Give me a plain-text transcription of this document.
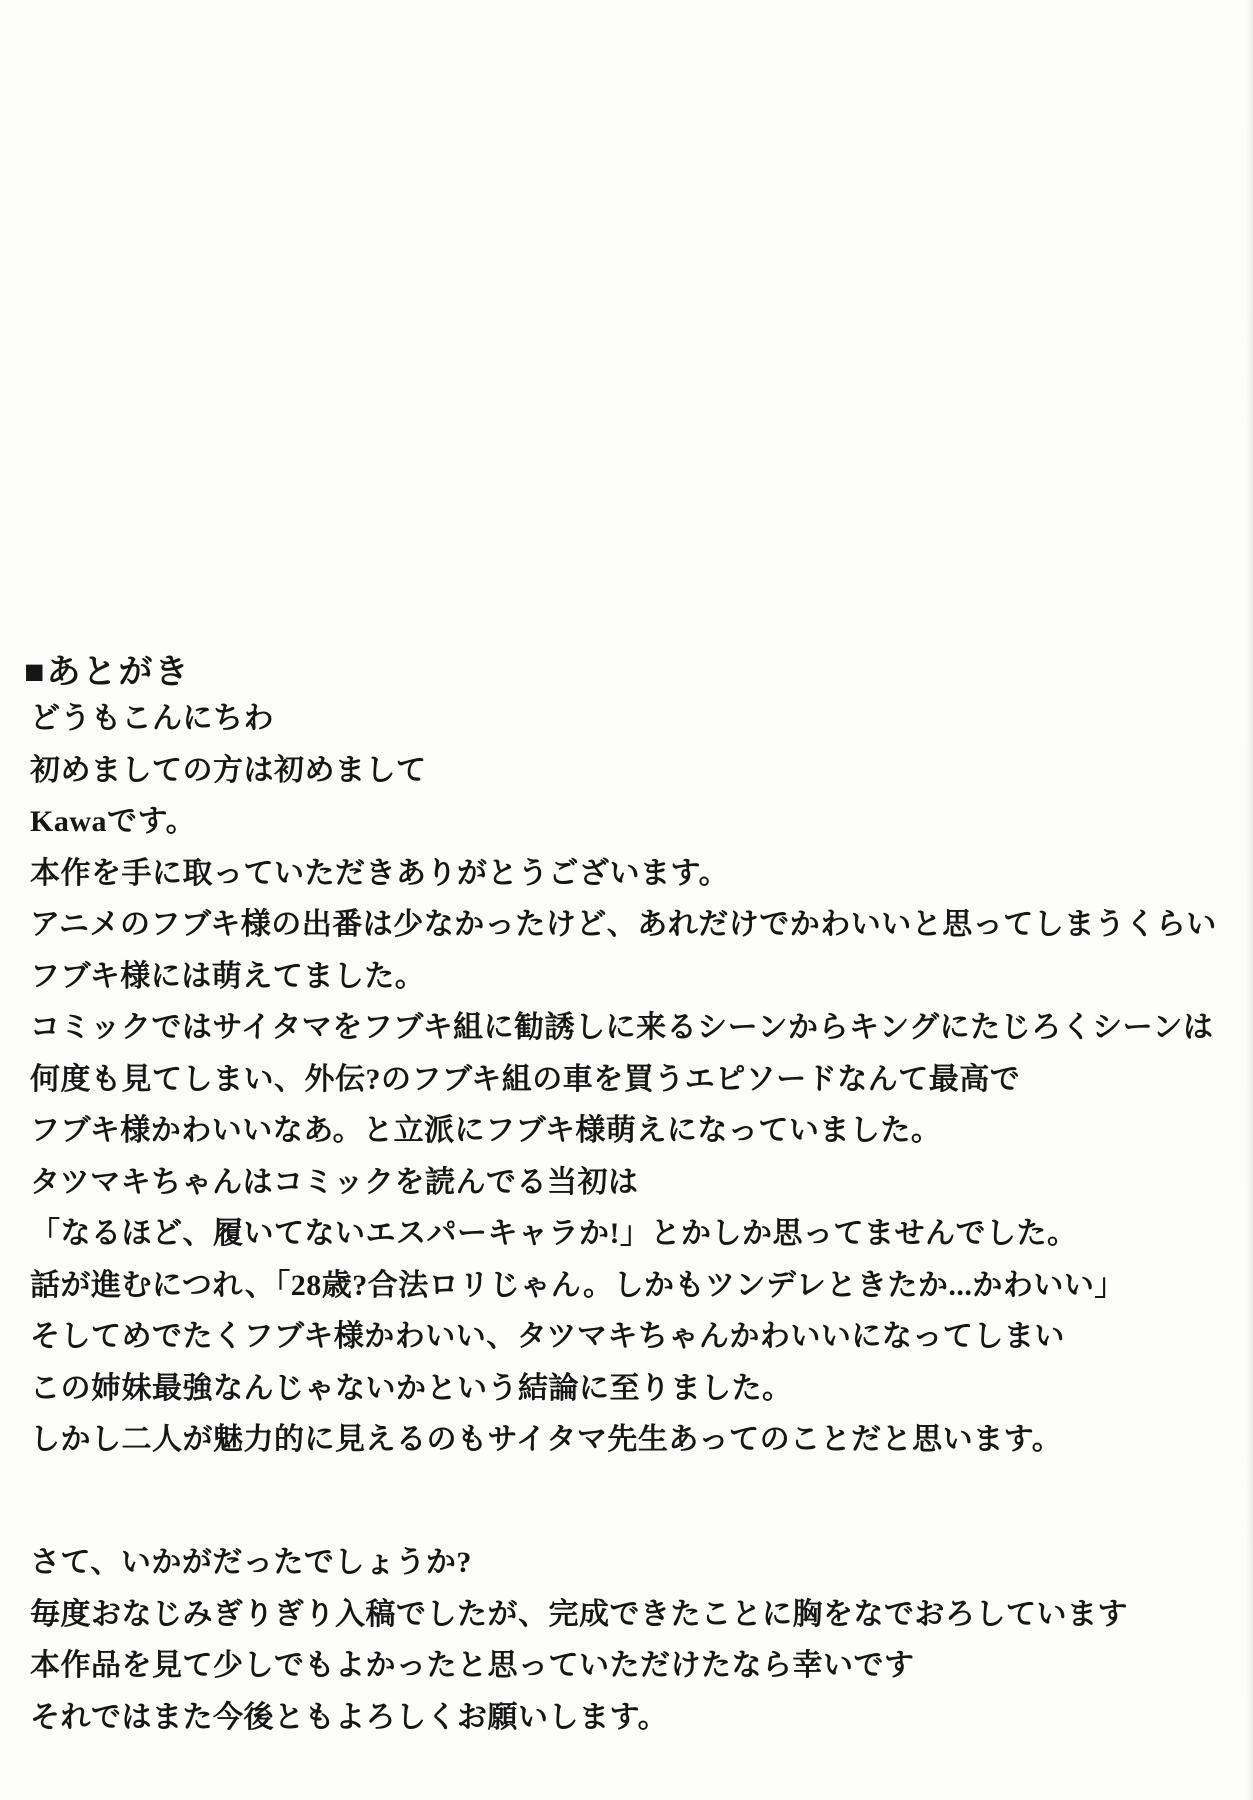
■あとがき
どうもこんにちわ
初めましての方は初めまして
Kawaです。
本作を手に取っていただきありがとうございます。
アニメのフブキ様の出番は少なかったけど、あれだけでかわいいと思ってしまうくらい
フブキ様には萌えてました。
コミックではサイタマをフブキ組に勧誘しに来るシーンからキングにたじろくシーンは
何度も見てしまい、外伝?のフブキ組の車を買うエピソードなんて最高で
フブキ様かわいいなあ。と立派にフブキ様萌えになっていました。
タツマキちゃんはコミックを読んでる当初は
「なるほど、履いてないエスパーキャラか!」とかしか思ってませんでした。
話が進むにつれ、「28歳?合法ロリじゃん。しかもツンデレときたか...かわいい」
そしてめでたくフブキ様かわいい、タツマキちゃんかわいいになってしまい
この姉妹最強なんじゃないかという結論に至りました。
しかし二人が魅力的に見えるのもサイタマ先生あってのことだと思います。
さて、いかがだったでしょうか?
毎度おなじみぎりぎり入稿でしたが、完成できたことに胸をなでおろしています
本作品を見て少しでもよかったと思っていただけたなら幸いです
それではまた今後ともよろしくお願いします。
